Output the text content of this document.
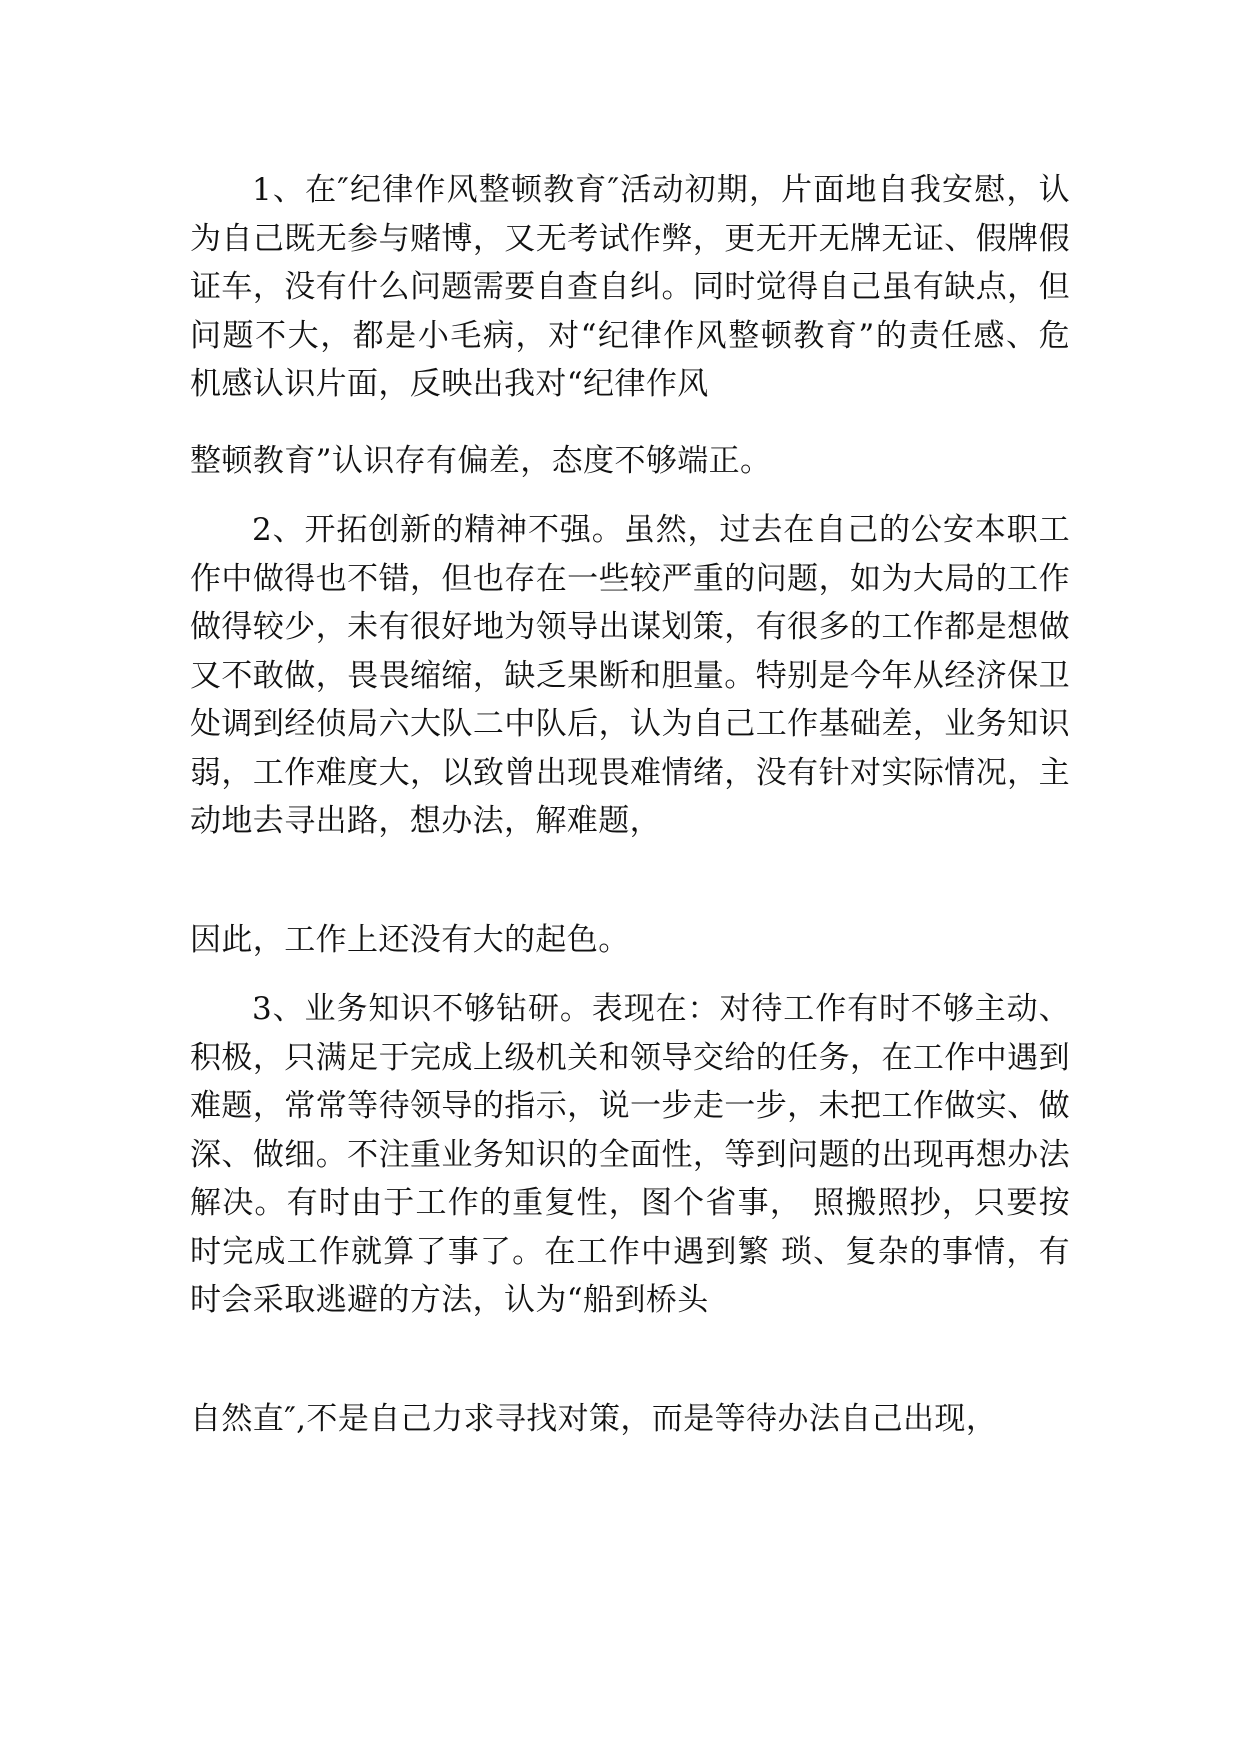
1、在″纪律作风整顿教育″活动初期，片面地自我安慰，认为自己既无参与赌博，又无考试作弊，更无开无牌无证、假牌假证车，没有什么问题需要自查自纠。同时觉得自己虽有缺点，但问题不大，都是小毛病，对“纪律作风整顿教育”的责任感、危机感认识片面，反映出我对“纪律作风

整顿教育”认识存有偏差，态度不够端正。

2、开拓创新的精神不强。虽然，过去在自己的公安本职工作中做得也不错，但也存在一些较严重的问题，如为大局的工作做得较少，未有很好地为领导出谋划策，有很多的工作都是想做又不敢做，畏畏缩缩，缺乏果断和胆量。特别是今年从经济保卫处调到经侦局六大队二中队后，认为自己工作基础差，业务知识弱，工作难度大，以致曾出现畏难情绪，没有针对实际情况，主动地去寻出路，想办法，解难题，

因此，工作上还没有大的起色。

3、业务知识不够钻研。表现在：对待工作有时不够主动、积极，只满足于完成上级机关和领导交给的任务，在工作中遇到难题，常常等待领导的指示，说一步走一步，未把工作做实、做深、做细。不注重业务知识的全面性，等到问题的出现再想办法解决。有时由于工作的重复性，图个省事， 照搬照抄，只要按时完成工作就算了事了。在工作中遇到繁 琐、复杂的事情，有时会采取逃避的方法，认为“船到桥头

自然直″,不是自己力求寻找对策，而是等待办法自己出现，
